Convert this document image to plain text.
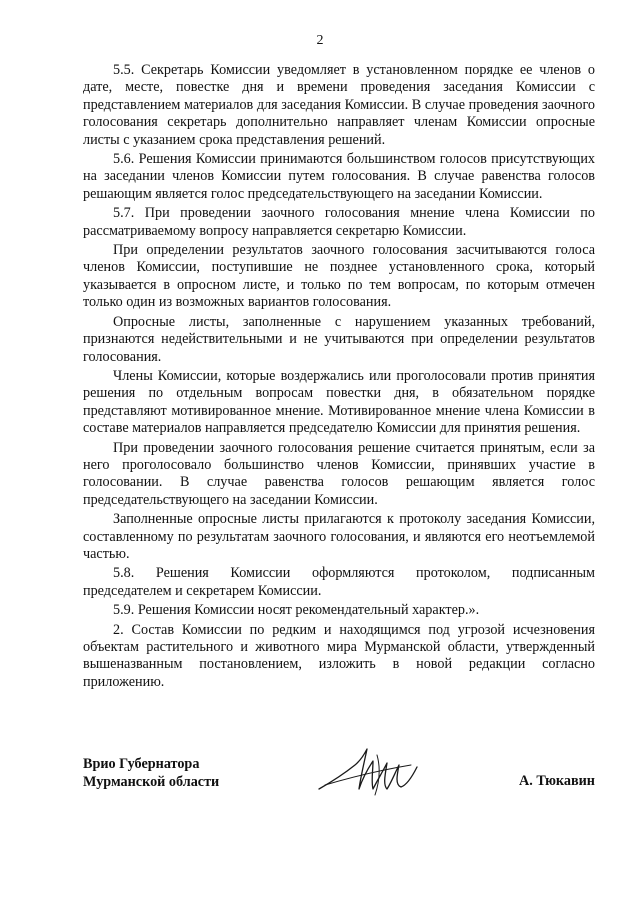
2

5.5. Секретарь Комиссии уведомляет в установленном порядке ее членов о дате, месте, повестке дня и времени проведения заседания Комиссии с представлением материалов для заседания Комиссии. В случае проведения заочного голосования секретарь дополнительно направляет членам Комиссии опросные листы с указанием срока представления решений.

5.6. Решения Комиссии принимаются большинством голосов присутствующих на заседании членов Комиссии путем голосования. В случае равенства голосов решающим является голос председательствующего на заседании Комиссии.

5.7. При проведении заочного голосования мнение члена Комиссии по рассматриваемому вопросу направляется секретарю Комиссии.

При определении результатов заочного голосования засчитываются голоса членов Комиссии, поступившие не позднее установленного срока, который указывается в опросном листе, и только по тем вопросам, по которым отмечен только один из возможных вариантов голосования.

Опросные листы, заполненные с нарушением указанных требований, признаются недействительными и не учитываются при определении результатов голосования.

Члены Комиссии, которые воздержались или проголосовали против принятия решения по отдельным вопросам повестки дня, в обязательном порядке представляют мотивированное мнение. Мотивированное мнение члена Комиссии в составе материалов направляется председателю Комиссии для принятия решения.

При проведении заочного голосования решение считается принятым, если за него проголосовало большинство членов Комиссии, принявших участие в голосовании. В случае равенства голосов решающим является голос председательствующего на заседании Комиссии.

Заполненные опросные листы прилагаются к протоколу заседания Комиссии, составленному по результатам заочного голосования, и являются его неотъемлемой частью.

5.8. Решения Комиссии оформляются протоколом, подписанным председателем и секретарем Комиссии.

5.9. Решения Комиссии носят рекомендательный характер.».

2. Состав Комиссии по редким и находящимся под угрозой исчезновения объектам растительного и животного мира Мурманской области, утвержденный вышеназванным постановлением, изложить в новой редакции согласно приложению.

Врио Губернатора
Мурманской области	А. Тюкавин
